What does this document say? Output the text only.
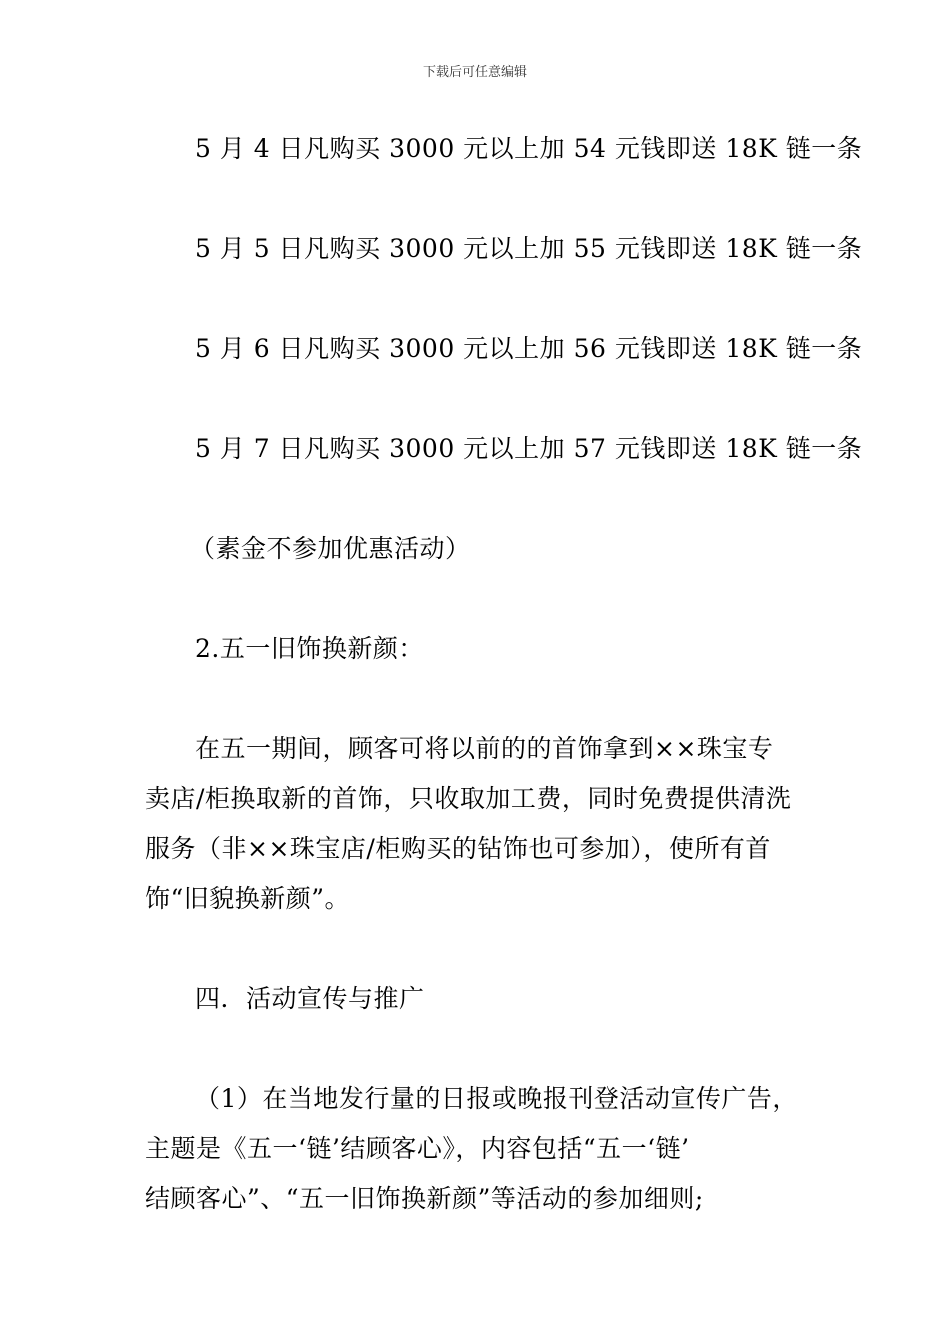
下载后可任意编辑
5 月 4 日凡购买 3000 元以上加 54 元钱即送 18K 链一条
5 月 5 日凡购买 3000 元以上加 55 元钱即送 18K 链一条
5 月 6 日凡购买 3000 元以上加 56 元钱即送 18K 链一条
5 月 7 日凡购买 3000 元以上加 57 元钱即送 18K 链一条
（素金不参加优惠活动）
2.五一旧饰换新颜：
在五一期间，顾客可将以前的的首饰拿到××珠宝专
卖店/柜换取新的首饰，只收取加工费，同时免费提供清洗
服务（非××珠宝店/柜购买的钻饰也可参加），使所有首
饰“旧貌换新颜”。
四．活动宣传与推广
（1）在当地发行量的日报或晚报刊登活动宣传广告，
主题是《五一‘链’结顾客心》，内容包括“五一‘链’
结顾客心”、“五一旧饰换新颜”等活动的参加细则;
